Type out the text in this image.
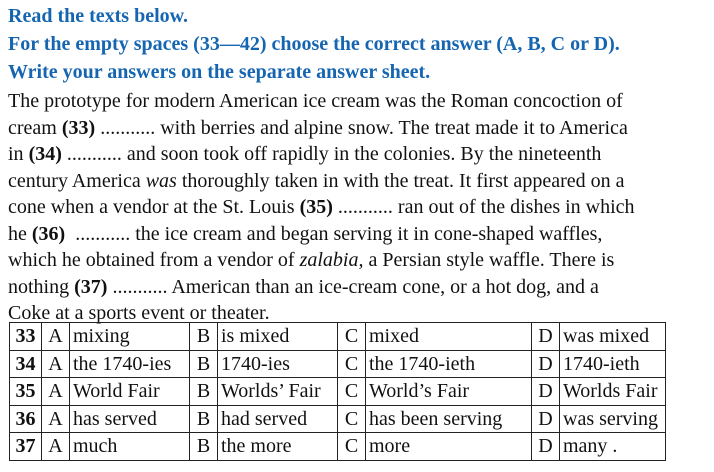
Read the texts below.
For the empty spaces (33—42) choose the correct answer (A, B, C or D).
Write your answers on the separate answer sheet.
The prototype for modern American ice cream was the Roman concoction of
cream (33) ........... with berries and alpine snow. The treat made it to America
in (34) ........... and soon took off rapidly in the colonies. By the nineteenth
century America was thoroughly taken in with the treat. It first appeared on a
cone when a vendor at the St. Louis (35) ........... ran out of the dishes in which
he (36)  ........... the ice cream and began serving it in cone-shaped waffles,
which he obtained from a vendor of zalabia, a Persian style waffle. There is
nothing (37) ........... American than an ice-cream cone, or a hot dog, and a
Coke at a sports event or theater.
33	A	mixing	B	is mixed	C	mixed	D	was mixed
34	A	the 1740-ies	B	1740-ies	C	the 1740-ieth	D	1740-ieth
35	A	World Fair	B	Worlds’ Fair	C	World’s Fair	D	Worlds Fair
36	A	has served	B	had served	C	has been serving	D	was serving
37	A	much	B	the more	C	more	D	many .
